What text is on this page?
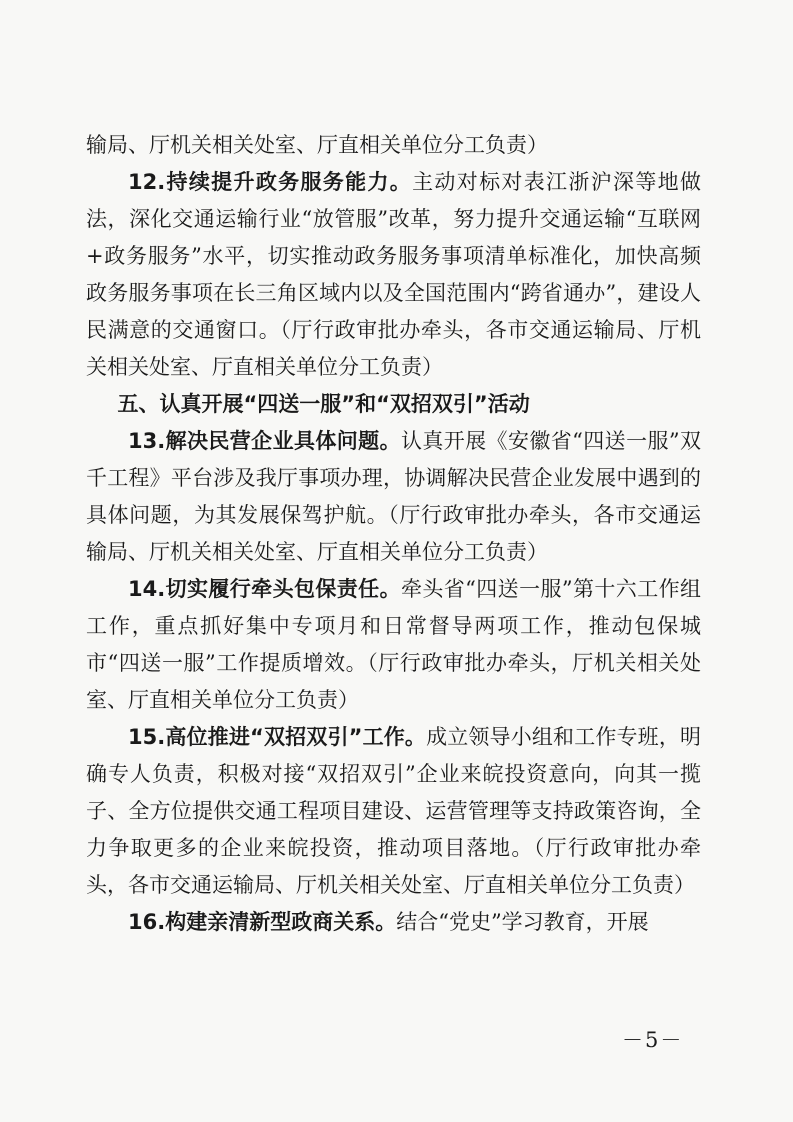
输局、厅机关相关处室、厅直相关单位分工负责）

12.持续提升政务服务能力。主动对标对表江浙沪深等地做法，深化交通运输行业“放管服”改革，努力提升交通运输“互联网+政务服务”水平，切实推动政务服务事项清单标准化，加快高频政务服务事项在长三角区域内以及全国范围内“跨省通办”，建设人民满意的交通窗口。（厅行政审批办牵头，各市交通运输局、厅机关相关处室、厅直相关单位分工负责）

五、认真开展“四送一服”和“双招双引”活动

13.解决民营企业具体问题。认真开展《安徽省“四送一服”双千工程》平台涉及我厅事项办理，协调解决民营企业发展中遇到的具体问题，为其发展保驾护航。（厅行政审批办牵头，各市交通运输局、厅机关相关处室、厅直相关单位分工负责）

14.切实履行牵头包保责任。牵头省“四送一服”第十六工作组工作，重点抓好集中专项月和日常督导两项工作，推动包保城市“四送一服”工作提质增效。（厅行政审批办牵头，厅机关相关处室、厅直相关单位分工负责）

15.高位推进“双招双引”工作。成立领导小组和工作专班，明确专人负责，积极对接“双招双引”企业来皖投资意向，向其一揽子、全方位提供交通工程项目建设、运营管理等支持政策咨询，全力争取更多的企业来皖投资，推动项目落地。（厅行政审批办牵头，各市交通运输局、厅机关相关处室、厅直相关单位分工负责）

16.构建亲清新型政商关系。结合“党史”学习教育，开展

－5－
